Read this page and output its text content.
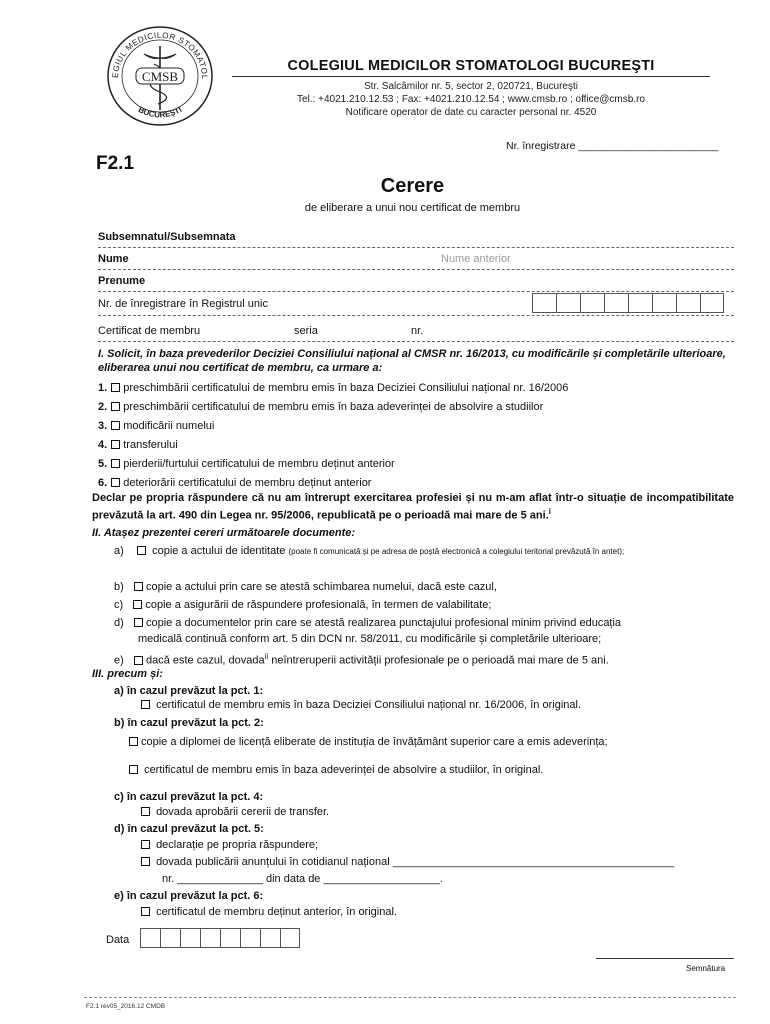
EGIUL MEDICILOR STOMATOL
BUCUREȘTI
CMSB
COLEGIUL MEDICILOR STOMATOLOGI BUCUREŞTI
Str. Salcâmilor nr. 5, sector 2, 020721, Bucureşti
Tel.: +4021.210.12.53 ; Fax: +4021.210.12.54 ; www.cmsb.ro ; office@cmsb.ro
Notificare operator de date cu caracter personal nr. 4520
Nr. înregistrare ________________________
F2.1
Cerere
de eliberare a unui nou certificat de membru
Subsemnatul/Subsemnata
Nume	Nume anterior
Prenume
Nr. de înregistrare în Registrul unic
Certificat de membru	seria	nr.
I. Solicit, în baza prevederilor Deciziei Consiliului național al CMSR nr. 16/2013, cu modificările și completările ulterioare, eliberarea unui nou certificat de membru, ca urmare a:
1. preschimbării certificatului de membru emis în baza Deciziei Consiliului național nr. 16/2006
2. preschimbării certificatului de membru emis în baza adeverinței de absolvire a studiilor
3. modificării numelui
4. transferului
5. pierderii/furtului certificatului de membru deținut anterior
6. deteriorării certificatului de membru deținut anterior
Declar pe propria răspundere că nu am întrerupt exercitarea profesiei și nu m-am aflat într-o situație de incompatibilitate prevăzută la art. 490 din Legea nr. 95/2006, republicată pe o perioadă mai mare de 5 ani.$^i$
II. Atașez prezentei cereri următoarele documente:
a)	copie a actului de identitate (poate fi comunicată și pe adresa de poștă electronică a colegiului teritorial prevăzută în antet);
b) copie a actului prin care se atestă schimbarea numelui, dacă este cazul,
c) copie a asigurării de răspundere profesională, în termen de valabilitate;
d) copie a documentelor prin care se atestă realizarea punctajului profesional minim privind educația
medicală continuă conform art. 5 din DCN nr. 58/2011, cu modificările și completările ulterioare;
e) dacă este cazul, dovada$^{ii}$ neîntreruperii activității profesionale pe o perioadă mai mare de 5 ani.
III. precum și:
a) în cazul prevăzut la pct. 1:
certificatul de membru emis în baza Deciziei Consiliului național nr. 16/2006, în original.
b) în cazul prevăzut la pct. 2:
copie a diplomei de licență eliberate de instituția de învățământ superior care a emis adeverința;
certificatul de membru emis în baza adeverinței de absolvire a studiilor, în original.
c) în cazul prevăzut la pct. 4:
dovada aprobării cererii de transfer.
d) în cazul prevăzut la pct. 5:
declarație pe propria răspundere;
dovada publicării anunțului în cotidianul național ______________________________________________
nr. ______________ din data de ___________________.
e) în cazul prevăzut la pct. 6:
certificatul de membru deținut anterior, în original.
Data
Semnătura
F2.1 rev05_2016.12 CMDB
